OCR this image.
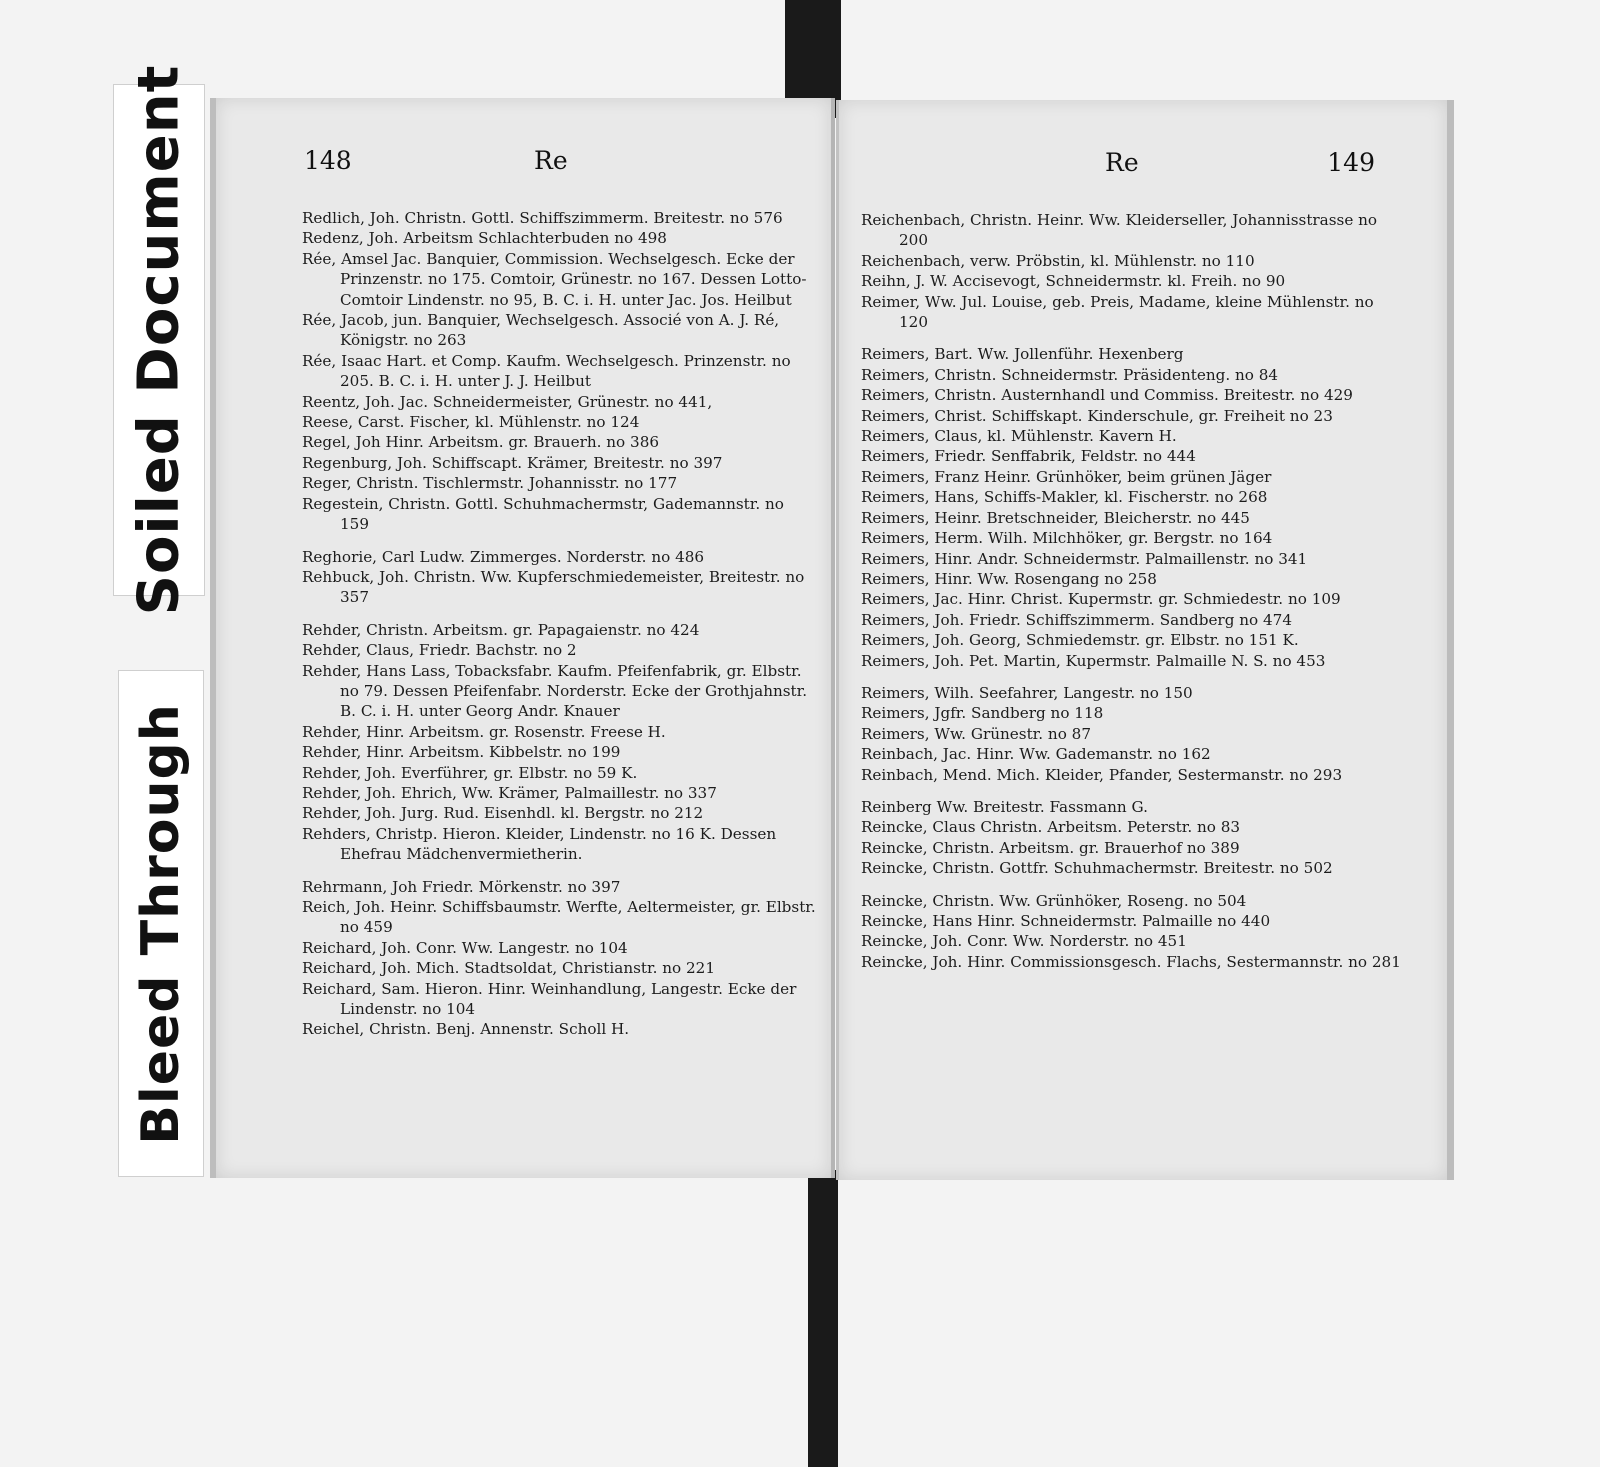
Soiled Document
Bleed Through
148	Re
Redlich, Joh. Christn. Gottl. Schiffszimmerm. Breitestr. no 576
Redenz, Joh. Arbeitsm Schlachterbuden no 498
Rée, Amsel Jac. Banquier, Commission. Wechselgesch. Ecke der Prinzenstr. no 175. Comtoir, Grünestr. no 167. Dessen Lotto-Comtoir Lindenstr. no 95, B. C. i. H. unter Jac. Jos. Heilbut
Rée, Jacob, jun. Banquier, Wechselgesch. Associé von A. J. Ré, Königstr. no 263
Rée, Isaac Hart. et Comp. Kaufm. Wechselgesch. Prinzenstr. no 205. B. C. i. H. unter J. J. Heilbut
Reentz, Joh. Jac. Schneidermeister, Grünestr. no 441,
Reese, Carst. Fischer, kl. Mühlenstr. no 124
Regel, Joh Hinr. Arbeitsm. gr. Brauerh. no 386
Regenburg, Joh. Schiffscapt. Krämer, Breitestr. no 397
Reger, Christn. Tischlermstr. Johannisstr. no 177
Regestein, Christn. Gottl. Schuhmachermstr, Gademannstr. no 159
Reghorie, Carl Ludw. Zimmerges. Norderstr. no 486
Rehbuck, Joh. Christn. Ww. Kupferschmiedemeister, Breitestr. no 357
Rehder, Christn. Arbeitsm. gr. Papagaienstr. no 424
Rehder, Claus, Friedr. Bachstr. no 2
Rehder, Hans Lass, Tobacksfabr. Kaufm. Pfeifenfabrik, gr. Elbstr. no 79. Dessen Pfeifenfabr. Norderstr. Ecke der Grothjahnstr. B. C. i. H. unter Georg Andr. Knauer
Rehder, Hinr. Arbeitsm. gr. Rosenstr. Freese H.
Rehder, Hinr. Arbeitsm. Kibbelstr. no 199
Rehder, Joh. Everführer, gr. Elbstr. no 59 K.
Rehder, Joh. Ehrich, Ww. Krämer, Palmaillestr. no 337
Rehder, Joh. Jurg. Rud. Eisenhdl. kl. Bergstr. no 212
Rehders, Christp. Hieron. Kleider, Lindenstr. no 16 K. Dessen Ehefrau Mädchenvermietherin.
Rehrmann, Joh Friedr. Mörkenstr. no 397
Reich, Joh. Heinr. Schiffsbaumstr. Werfte, Aeltermeister, gr. Elbstr. no 459
Reichard, Joh. Conr. Ww. Langestr. no 104
Reichard, Joh. Mich. Stadtsoldat, Christianstr. no 221
Reichard, Sam. Hieron. Hinr. Weinhandlung, Langestr. Ecke der Lindenstr. no 104
Reichel, Christn. Benj. Annenstr. Scholl H.
Re	149
Reichenbach, Christn. Heinr. Ww. Kleiderseller, Johannisstrasse no 200
Reichenbach, verw. Pröbstin, kl. Mühlenstr. no 110
Reihn, J. W. Accisevogt, Schneidermstr. kl. Freih. no 90
Reimer, Ww. Jul. Louise, geb. Preis, Madame, kleine Mühlenstr. no 120
Reimers, Bart. Ww. Jollenführ. Hexenberg
Reimers, Christn. Schneidermstr. Präsidenteng. no 84
Reimers, Christn. Austernhandl und Commiss. Breitestr. no 429
Reimers, Christ. Schiffskapt. Kinderschule, gr. Freiheit no 23
Reimers, Claus, kl. Mühlenstr. Kavern H.
Reimers, Friedr. Senffabrik, Feldstr. no 444
Reimers, Franz Heinr. Grünhöker, beim grünen Jäger
Reimers, Hans, Schiffs-Makler, kl. Fischerstr. no 268
Reimers, Heinr. Bretschneider, Bleicherstr. no 445
Reimers, Herm. Wilh. Milchhöker, gr. Bergstr. no 164
Reimers, Hinr. Andr. Schneidermstr. Palmaillenstr. no 341
Reimers, Hinr. Ww. Rosengang no 258
Reimers, Jac. Hinr. Christ. Kupermstr. gr. Schmiedestr. no 109
Reimers, Joh. Friedr. Schiffszimmerm. Sandberg no 474
Reimers, Joh. Georg, Schmiedemstr. gr. Elbstr. no 151 K.
Reimers, Joh. Pet. Martin, Kupermstr. Palmaille N. S. no 453
Reimers, Wilh. Seefahrer, Langestr. no 150
Reimers, Jgfr. Sandberg no 118
Reimers, Ww. Grünestr. no 87
Reinbach, Jac. Hinr. Ww. Gademanstr. no 162
Reinbach, Mend. Mich. Kleider, Pfander, Sestermanstr. no 293
Reinberg Ww. Breitestr. Fassmann G.
Reincke, Claus Christn. Arbeitsm. Peterstr. no 83
Reincke, Christn. Arbeitsm. gr. Brauerhof no 389
Reincke, Christn. Gottfr. Schuhmachermstr. Breitestr. no 502
Reincke, Christn. Ww. Grünhöker, Roseng. no 504
Reincke, Hans Hinr. Schneidermstr. Palmaille no 440
Reincke, Joh. Conr. Ww. Norderstr. no 451
Reincke, Joh. Hinr. Commissionsgesch. Flachs, Sestermannstr. no 281
